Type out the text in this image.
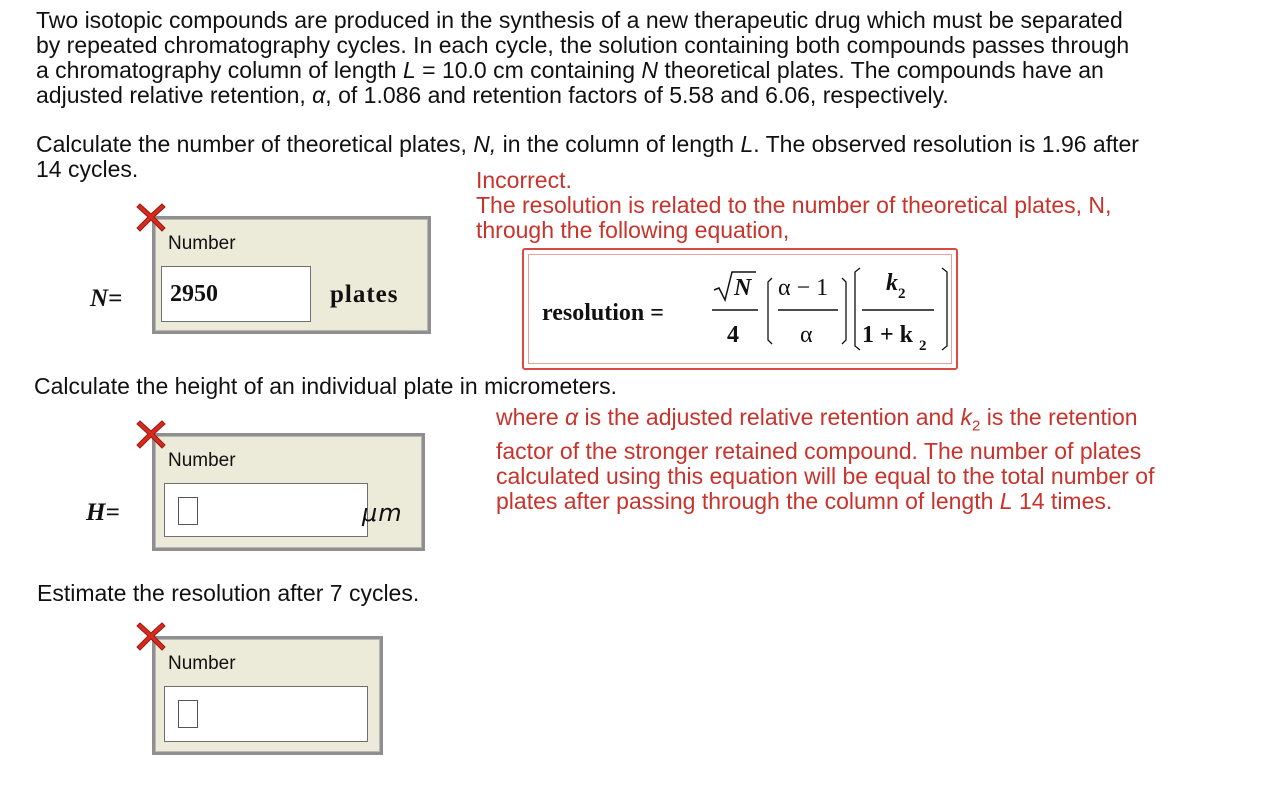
Two isotopic compounds are produced in the synthesis of a new therapeutic drug which must be separated
by repeated chromatography cycles. In each cycle, the solution containing both compounds passes through
a chromatography column of length L = 10.0 cm containing N theoretical plates. The compounds have an
adjusted relative retention, α, of 1.086 and retention factors of 5.58 and 6.06, respectively.
Calculate the number of theoretical plates, N, in the column of length L. The observed resolution is 1.96 after
14 cycles.
Number
2950	plates
N=
Incorrect.
The resolution is related to the number of theoretical plates, N,
through the following equation,
resolution =
N
4
α − 1
α
k 2
1 + k 2
Calculate the height of an individual plate in micrometers.
where α is the adjusted relative retention and $k_2$ is the retention
factor of the stronger retained compound. The number of plates
calculated using this equation will be equal to the total number of
plates after passing through the column of length L 14 times.
Number
μm
H=
Estimate the resolution after 7 cycles.
Number
